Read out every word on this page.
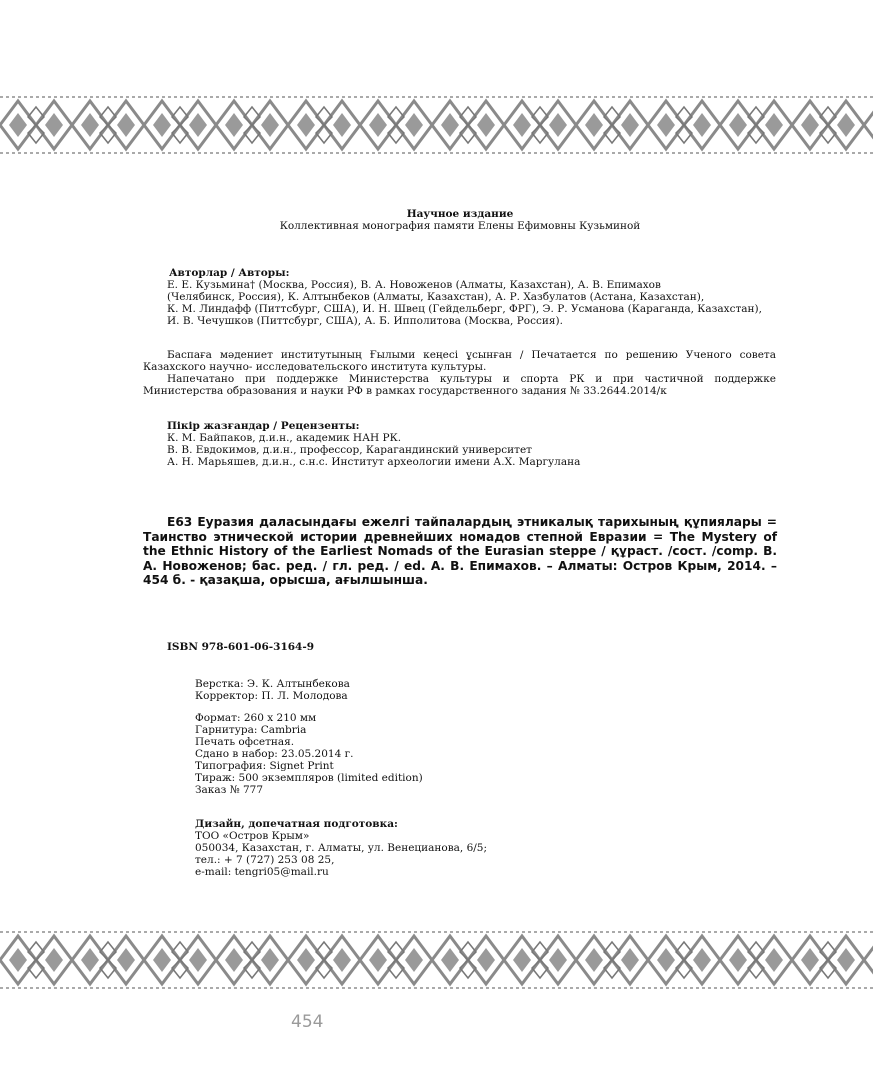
Научное издание
Коллективная монография памяти Елены Ефимовны Кузьминой
Авторлар / Авторы:
Е. Е. Кузьмина† (Москва, Россия), В. А. Новоженов (Алматы, Казахстан), А. В. Епимахов
(Челябинск, Россия), К. Алтынбеков (Алматы, Казахстан), А. Р. Хазбулатов (Астана, Казахстан),
К. М. Линдафф (Питтсбург, США), И. Н. Швец (Гейдельберг, ФРГ), Э. Р. Усманова (Караганда, Казахстан),
И. В. Чечушков (Питтсбург, США), А. Б. Ипполитова (Москва, Россия).

Баспаға мәдениет институтының Ғылыми кеңесі ұсынған / Печатается по решению Ученого совета Казахского научно- исследовательского института культуры.

Напечатано при поддержке Министерства культуры и спорта РК и при частичной поддержке Министерства образования и науки РФ в рамках государственного задания № 33.2644.2014/к

Пікір жазғандар / Рецензенты:
К. М. Байпаков, д.и.н., академик НАН РК.
В. В. Евдокимов, д.и.н., профессор, Карагандинский университет
А. Н. Марьяшев, д.и.н., с.н.с. Институт археологии имени А.Х. Маргулана
Е63 Еуразия даласындағы ежелгі тайпалардың этникалық тарихының құпиялары = Таинство этнической истории древнейших номадов степной Евразии = The Mystery of the Ethnic History of the Earliest Nomads of the Eurasian steppe / құраст. /сост. /comp. В. А. Новоженов; бас. ред. / гл. ред. / ed. А. В. Епимахов. – Алматы: Остров Крым, 2014. – 454 б. - қазақша, орысша, ағылшынша.
ISBN 978-601-06-3164-9
Верстка: Э. К. Алтынбекова
Корректор: П. Л. Молодова
Формат: 260 х 210 мм
Гарнитура: Cambria
Печать офсетная.
Сдано в набор: 23.05.2014 г.
Типография: Signet Print
Тираж: 500 экземпляров (limited edition)
Заказ № 777
Дизайн, допечатная подготовка:
ТОО «Остров Крым»
050034, Казахстан, г. Алматы, ул. Венецианова, 6/5;
тел.: + 7 (727) 253 08 25,
e-mail: tengri05@mail.ru
454
